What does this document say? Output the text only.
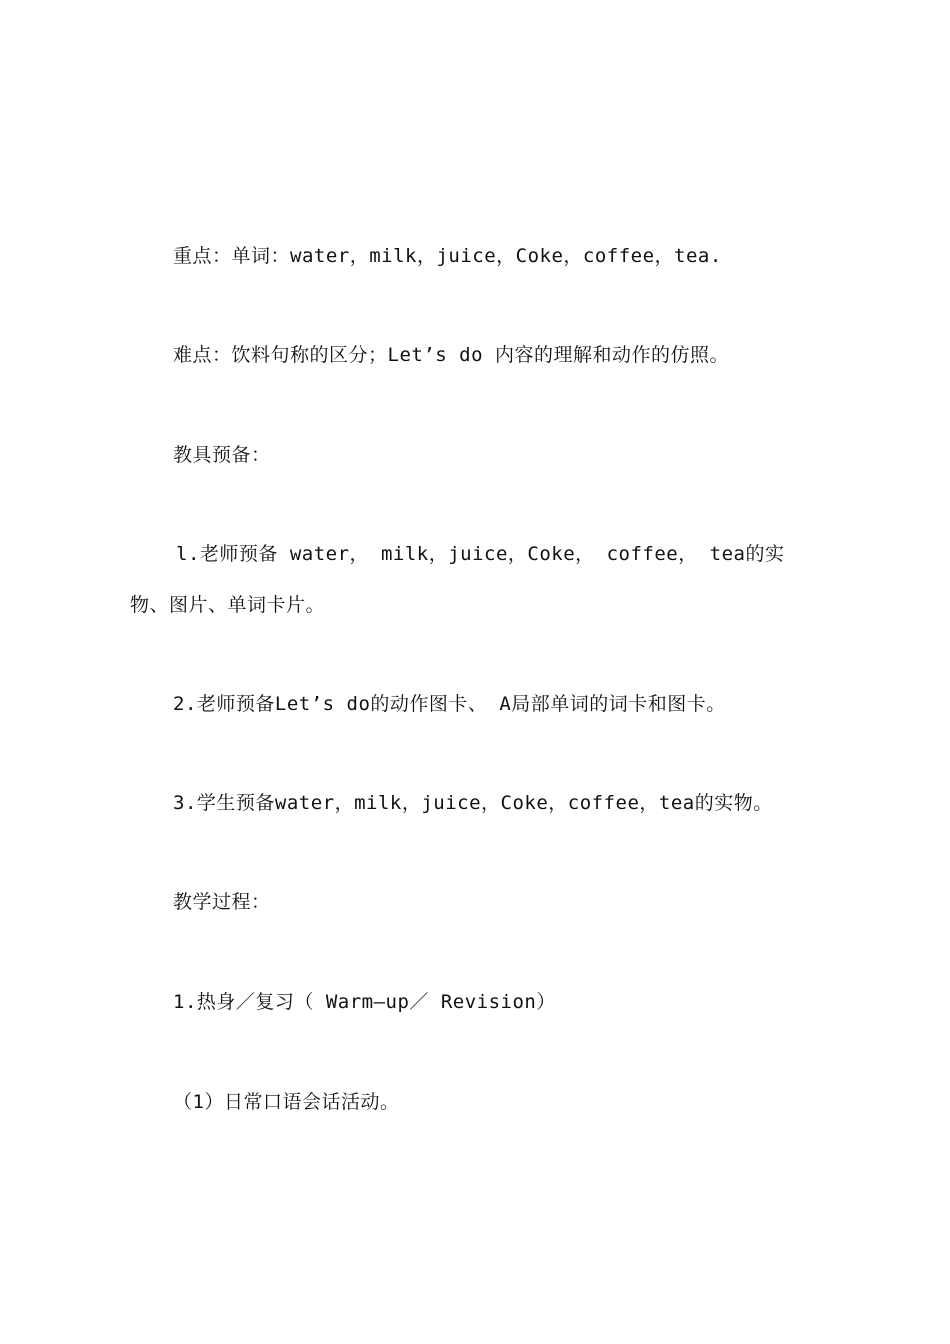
重点：单词：water，milk，juice，Coke，coffee，tea.
难点：饮料句称的区分；Let’s do 内容的理解和动作的仿照。
教具预备：
l.老师预备 water， milk，juice，Coke， coffee， tea的实
物、图片、单词卡片。
2.老师预备Let’s do的动作图卡、 A局部单词的词卡和图卡。
3.学生预备water，milk，juice，Coke，coffee，tea的实物。
教学过程：
1.热身／复习（ Warm—up／ Revision）
（1）日常口语会话活动。
